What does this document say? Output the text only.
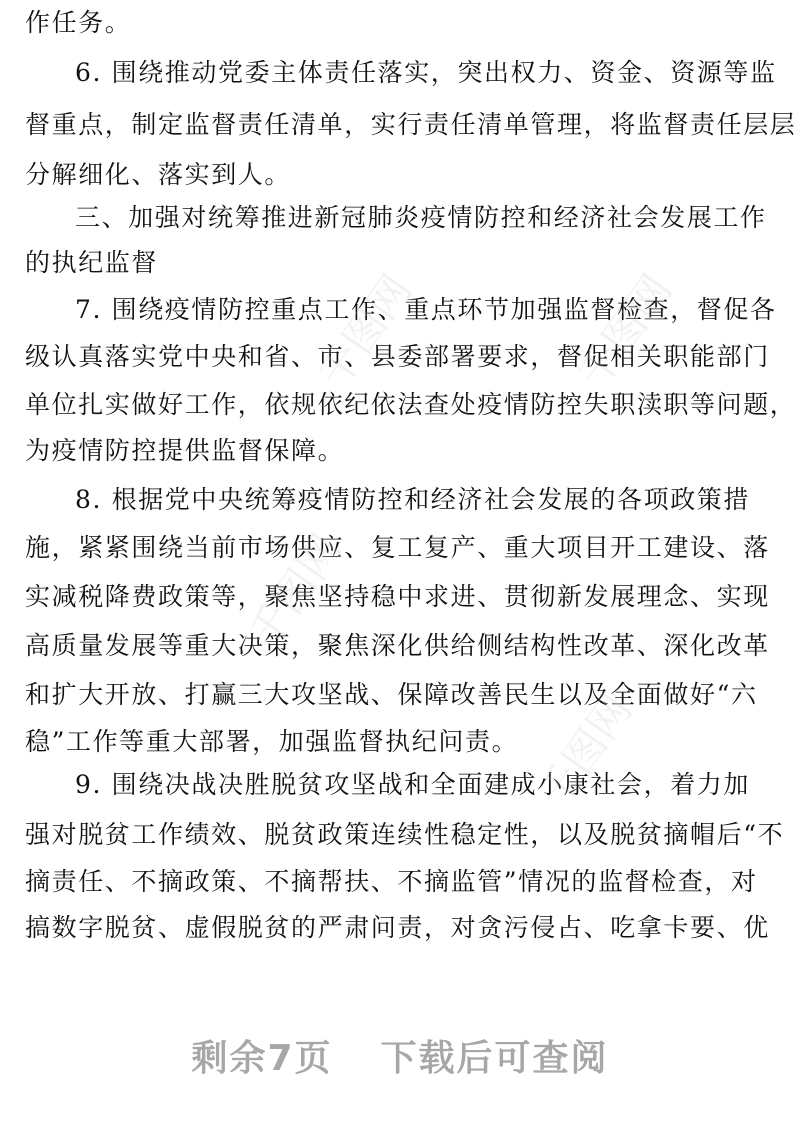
作任务。
6. 围绕推动党委主体责任落实，突出权力、资金、资源等监
督重点，制定监督责任清单，实行责任清单管理，将监督责任层层
分解细化、落实到人。
三、加强对统筹推进新冠肺炎疫情防控和经济社会发展工作
的执纪监督
7. 围绕疫情防控重点工作、重点环节加强监督检查，督促各
级认真落实党中央和省、市、县委部署要求，督促相关职能部门
单位扎实做好工作，依规依纪依法查处疫情防控失职渎职等问题，
为疫情防控提供监督保障。
8. 根据党中央统筹疫情防控和经济社会发展的各项政策措
施，紧紧围绕当前市场供应、复工复产、重大项目开工建设、落
实减税降费政策等，聚焦坚持稳中求进、贯彻新发展理念、实现
高质量发展等重大决策，聚焦深化供给侧结构性改革、深化改革
和扩大开放、打赢三大攻坚战、保障改善民生以及全面做好“六
稳”工作等重大部署，加强监督执纪问责。
9. 围绕决战决胜脱贫攻坚战和全面建成小康社会，着力加
强对脱贫工作绩效、脱贫政策连续性稳定性，以及脱贫摘帽后“不
摘责任、不摘政策、不摘帮扶、不摘监管”情况的监督检查，对
搞数字脱贫、虚假脱贫的严肃问责，对贪污侵占、吃拿卡要、优
千图网	千图网
千图网
千图网
剩余7页 下载后可查阅
